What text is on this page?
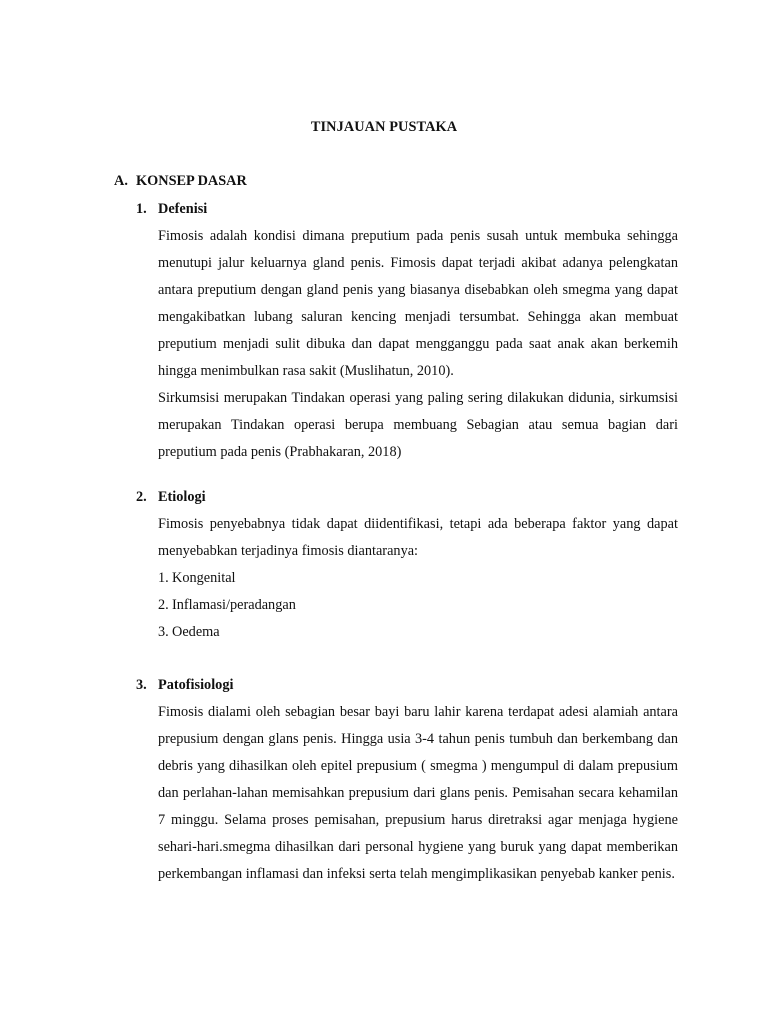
TINJAUAN PUSTAKA
A. KONSEP DASAR
1. Defenisi

Fimosis adalah kondisi dimana preputium pada penis susah untuk membuka sehingga menutupi jalur keluarnya gland penis. Fimosis dapat terjadi akibat adanya pelengkatan antara preputium dengan gland penis yang biasanya disebabkan oleh smegma yang dapat mengakibatkan lubang saluran kencing menjadi tersumbat. Sehingga akan membuat preputium menjadi sulit dibuka dan dapat mengganggu pada saat anak akan berkemih hingga menimbulkan rasa sakit (Muslihatun, 2010).

Sirkumsisi merupakan Tindakan operasi yang paling sering dilakukan didunia, sirkumsisi merupakan Tindakan operasi berupa membuang Sebagian atau semua bagian dari preputium pada penis (Prabhakaran, 2018)

2. Etiologi

Fimosis penyebabnya tidak dapat diidentifikasi, tetapi ada beberapa faktor yang dapat menyebabkan terjadinya fimosis diantaranya:

1. Kongenital

2. Inflamasi/peradangan

3. Oedema

3. Patofisiologi

Fimosis dialami oleh sebagian besar bayi baru lahir karena terdapat adesi alamiah antara prepusium dengan glans penis. Hingga usia 3-4 tahun penis tumbuh dan berkembang dan debris yang dihasilkan oleh epitel prepusium ( smegma ) mengumpul di dalam prepusium dan perlahan-lahan memisahkan prepusium dari glans penis. Pemisahan secara kehamilan 7 minggu. Selama proses pemisahan, prepusium harus diretraksi agar menjaga hygiene sehari-hari.smegma dihasilkan dari personal hygiene yang buruk yang dapat memberikan perkembangan inflamasi dan infeksi serta telah mengimplikasikan penyebab kanker penis.
